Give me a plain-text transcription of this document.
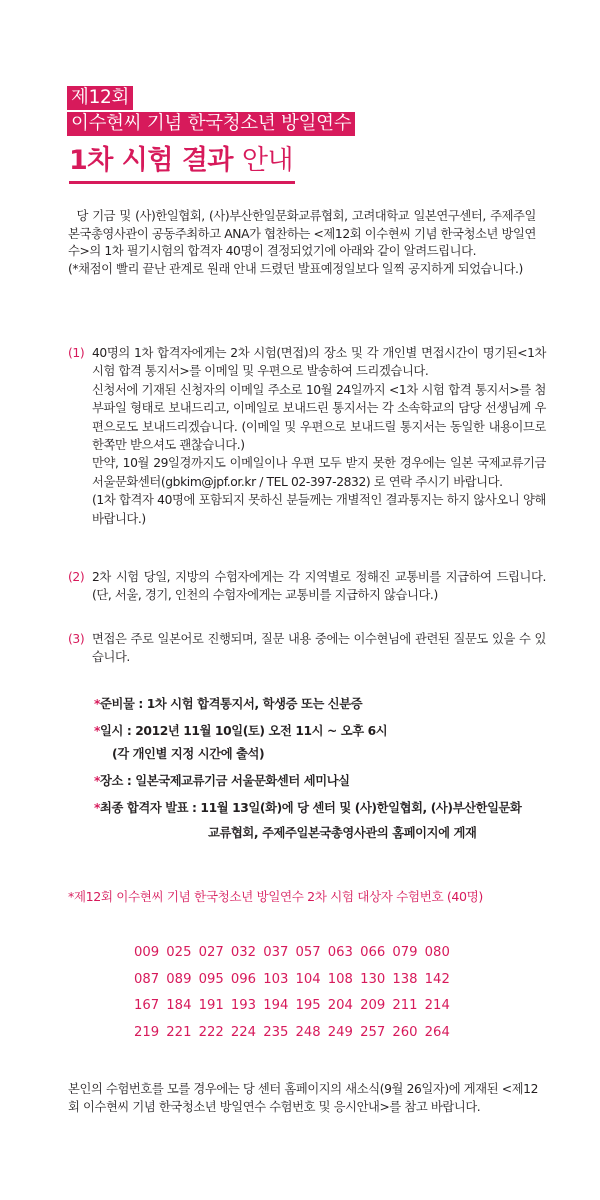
제12회
이수현씨 기념 한국청소년 방일연수
1차 시험 결과 안내

당 기금 및 (사)한일협회, (사)부산한일문화교류협회, 고려대학교 일본연구센터, 주제주일본국총영사관이 공동주최하고 ANA가 협찬하는 <제12회 이수현씨 기념 한국청소년 방일연수>의 1차 필기시험의 합격자 40명이 결정되었기에 아래와 같이 알려드립니다.

(*채점이 빨리 끝난 관계로 원래 안내 드렸던 발표예정일보다 일찍 공지하게 되었습니다.)

(1) 40명의 1차 합격자에게는 2차 시험(면접)의 장소 및 각 개인별 면접시간이 명기된<1차 시험 합격 통지서>를 이메일 및 우편으로 발송하여 드리겠습니다.

신청서에 기재된 신청자의 이메일 주소로 10월 24일까지 <1차 시험 합격 통지서>를 첨부파일 형태로 보내드리고, 이메일로 보내드린 통지서는 각 소속학교의 담당 선생님께 우편으로도 보내드리겠습니다. (이메일 및 우편으로 보내드릴 통지서는 동일한 내용이므로 한쪽만 받으셔도 괜찮습니다.)

만약, 10월 29일경까지도 이메일이나 우편 모두 받지 못한 경우에는 일본 국제교류기금 서울문화센터(gbkim@jpf.or.kr / TEL 02-397-2832) 로 연락 주시기 바랍니다.

(1차 합격자 40명에 포함되지 못하신 분들께는 개별적인 결과통지는 하지 않사오니 양해바랍니다.)

(2) 2차 시험 당일, 지방의 수험자에게는 각 지역별로 정해진 교통비를 지급하여 드립니다. (단, 서울, 경기, 인천의 수험자에게는 교통비를 지급하지 않습니다.)

(3) 면접은 주로 일본어로 진행되며, 질문 내용 중에는 이수현님에 관련된 질문도 있을 수 있습니다.

*준비물 : 1차 시험 합격통지서, 학생증 또는 신분증
*일시 : 2012년 11월 10일(토) 오전 11시 ~ 오후 6시
(각 개인별 지정 시간에 출석)
*장소 : 일본국제교류기금 서울문화센터 세미나실
*최종 합격자 발표 : 11월 13일(화)에 당 센터 및 (사)한일협회, (사)부산한일문화
교류협회, 주제주일본국총영사관의 홈페이지에 게재
*제12회 이수현씨 기념 한국청소년 방일연수 2차 시험 대상자 수험번호 (40명)
009 025 027 032 037 057 063 066 079 080
087 089 095 096 103 104 108 130 138 142
167 184 191 193 194 195 204 209 211 214
219 221 222 224 235 248 249 257 260 264

본인의 수험번호를 모를 경우에는 당 센터 홈페이지의 새소식(9월 26일자)에 게재된 <제12회 이수현씨 기념 한국청소년 방일연수 수험번호 및 응시안내>를 참고 바랍니다.
